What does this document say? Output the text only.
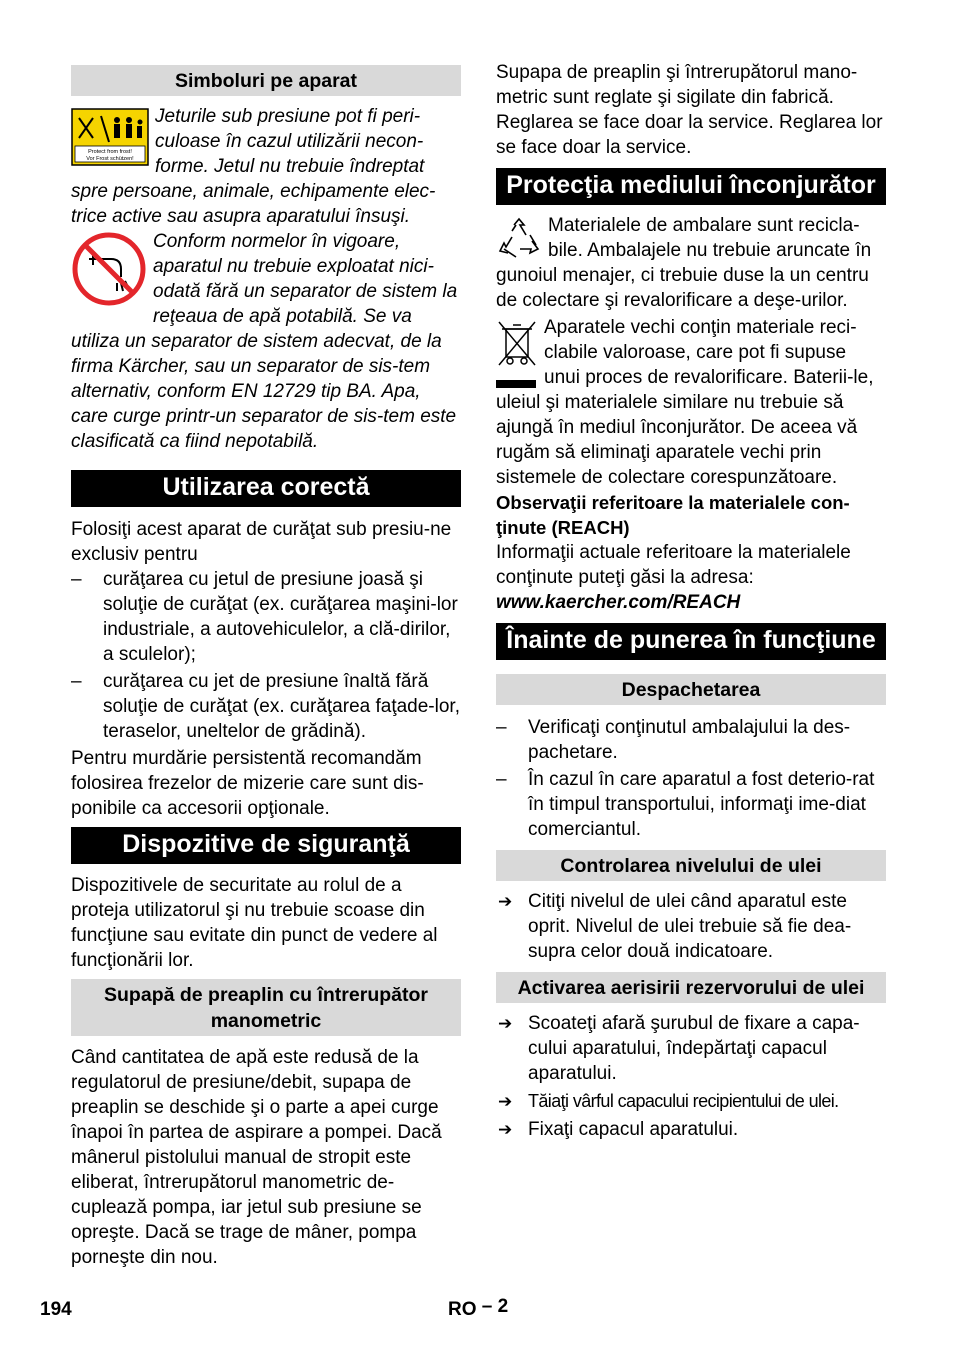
Simboluri pe aparat
Protect from frost!
Vor Frost schützen!

Jeturile sub presiune pot fi peri-culoase în cazul utilizării necon-forme. Jetul nu trebuie îndreptat spre persoane, animale, echipamente elec-trice active sau asupra aparatului însuşi.

Conform normelor în vigoare, aparatul nu trebuie exploatat nici-odată fără un separator de sistem la reţeaua de apă potabilă. Se va utiliza un separator de sistem adecvat, de la firma Kärcher, sau un separator de sis-tem alternativ, conform EN 12729 tip BA. Apa, care curge printr-un separator de sis-tem este clasificată ca fiind nepotabilă.

Utilizarea corectă

Folosiţi acest aparat de curăţat sub presiu-ne exclusiv pentru

– curăţarea cu jetul de presiune joasă şi soluţie de curăţat (ex. curăţarea maşini-lor industriale, a autovehiculelor, a clă-dirilor, a sculelor);

– curăţarea cu jet de presiune înaltă fără soluţie de curăţat (ex. curăţarea faţade-lor, teraselor, uneltelor de grădină).

Pentru murdărie persistentă recomandăm folosirea frezelor de mizerie care sunt dis-ponibile ca accesorii opţionale.

Dispozitive de siguranţă

Dispozitivele de securitate au rolul de a proteja utilizatorul şi nu trebuie scoase din funcţiune sau evitate din punct de vedere al funcţionării lor.

Supapă de preaplin cu întrerupător manometric

Când cantitatea de apă este redusă de la regulatorul de presiune/debit, supapa de preaplin se deschide şi o parte a apei curge înapoi în partea de aspirare a pompei. Dacă mânerul pistolului manual de stropit este eliberat, întrerupătorul manometric de-cuplează pompa, iar jetul sub presiune se opreşte. Dacă se trage de mâner, pompa porneşte din nou.

Supapa de preaplin şi întrerupătorul mano-metric sunt reglate şi sigilate din fabrică. Reglarea se face doar la service. Reglarea lor se face doar la service.

Protecţia mediului înconjurător

Materialele de ambalare sunt recicla-bile. Ambalajele nu trebuie aruncate în gunoiul menajer, ci trebuie duse la un centru de colectare şi revalorificare a deşe-urilor.

Aparatele vechi conţin materiale reci-clabile valoroase, care pot fi supuse unui proces de revalorificare. Baterii-le, uleiul şi materialele similare nu trebuie să ajungă în mediul înconjurător. De aceea vă rugăm să eliminaţi aparatele vechi prin sistemele de colectare corespunzătoare.

Observaţii referitoare la materialele con-ţinute (REACH)

Informaţii actuale referitoare la materialele conţinute puteţi găsi la adresa:

www.kaercher.com/REACH

Înainte de punerea în funcţiune
Despachetarea

– Verificaţi conţinutul ambalajului la des-pachetare.

– În cazul în care aparatul a fost deterio-rat în timpul transportului, informaţi ime-diat comerciantul.

Controlarea nivelului de ulei
➔ Citiţi nivelul de ulei când aparatul este oprit. Nivelul de ulei trebuie să fie dea-supra celor două indicatoare.
Activarea aerisirii rezervorului de ulei
➔ Scoateţi afară şurubul de fixare a capa-cului aparatului, îndepărtaţi capacul aparatului.
➔ Tăiaţi vârful capacului recipientului de ulei.
➔ Fixaţi capacul aparatului.
194	RO – 2
